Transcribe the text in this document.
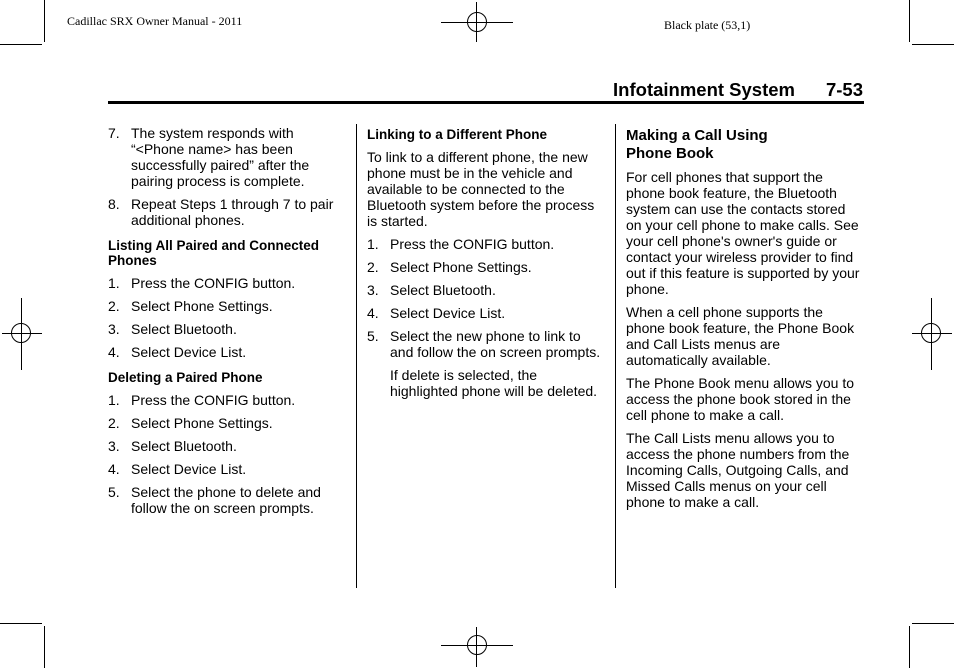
Cadillac SRX Owner Manual - 2011	Black plate (53,1)
Infotainment System 7-53
7. The system responds with “<Phone name> has been successfully paired” after the pairing process is complete.
8. Repeat Steps 1 through 7 to pair additional phones.
Listing All Paired and Connected Phones
1. Press the CONFIG button.
2. Select Phone Settings.
3. Select Bluetooth.
4. Select Device List.
Deleting a Paired Phone
1. Press the CONFIG button.
2. Select Phone Settings.
3. Select Bluetooth.
4. Select Device List.
5. Select the phone to delete and follow the on screen prompts.
Linking to a Different Phone

To link to a different phone, the new phone must be in the vehicle and available to be connected to the Bluetooth system before the process is started.

1. Press the CONFIG button.
2. Select Phone Settings.
3. Select Bluetooth.
4. Select Device List.
5. Select the new phone to link to and follow the on screen prompts.

If delete is selected, the highlighted phone will be deleted.

Making a Call Using
Phone Book

For cell phones that support the phone book feature, the Bluetooth system can use the contacts stored on your cell phone to make calls. See your cell phone's owner's guide or contact your wireless provider to find out if this feature is supported by your phone.

When a cell phone supports the phone book feature, the Phone Book and Call Lists menus are automatically available.

The Phone Book menu allows you to access the phone book stored in the cell phone to make a call.

The Call Lists menu allows you to access the phone numbers from the Incoming Calls, Outgoing Calls, and Missed Calls menus on your cell phone to make a call.
